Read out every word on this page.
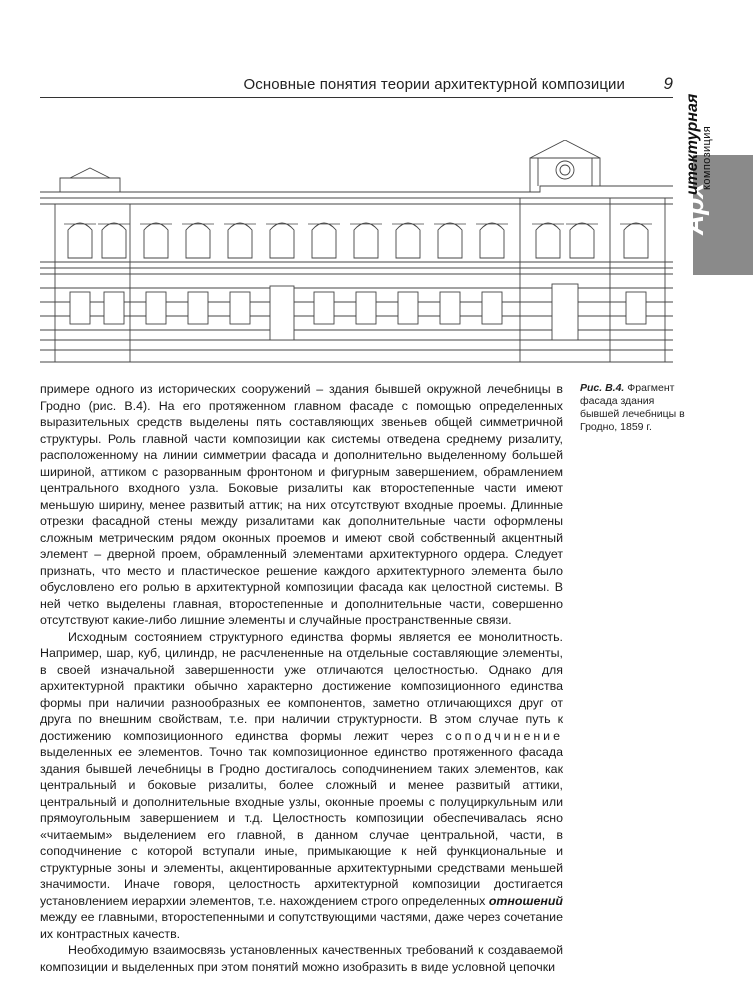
Основные понятия теории архитектурной композиции 9
Арх
итектурная композиция
Рис. В.4. Фрагмент фасада здания бывшей лечебницы в Гродно, 1859 г.

примере одного из исторических сооружений – здания бывшей окружной лечебницы в Гродно (рис. В.4). На его протяженном главном фасаде с помощью определенных выразительных средств выделены пять составляющих звеньев общей симметричной структуры. Роль главной части композиции как системы отведена среднему ризалиту, расположенному на линии симметрии фасада и дополнительно выделенному большей шириной, аттиком с разорванным фронтоном и фигурным завершением, обрамлением центрального входного узла. Боковые ризалиты как второстепенные части имеют меньшую ширину, менее развитый аттик; на них отсутствуют входные проемы. Длинные отрезки фасадной стены между ризалитами как дополнительные части оформлены сложным метрическим рядом оконных проемов и имеют свой собственный акцентный элемент – дверной проем, обрамленный элементами архитектурного ордера. Следует признать, что место и пластическое решение каждого архитектурного элемента было обусловлено его ролью в архитектурной композиции фасада как целостной системы. В ней четко выделены главная, второстепенные и дополнительные части, совершенно отсутствуют какие-либо лишние элементы и случайные пространственные связи.

Исходным состоянием структурного единства формы является ее монолитность. Например, шар, куб, цилиндр, не расчлененные на отдельные составляющие элементы, в своей изначальной завершенности уже отличаются целостностью. Однако для архитектурной практики обычно характерно достижение композиционного единства формы при наличии разнообразных ее компонентов, заметно отличающихся друг от друга по внешним свойствам, т.е. при наличии структурности. В этом случае путь к достижению композиционного единства формы лежит через соподчинение выделенных ее элементов. Точно так композиционное единство протяженного фасада здания бывшей лечебницы в Гродно достигалось соподчинением таких элементов, как центральный и боковые ризалиты, более сложный и менее развитый аттики, центральный и дополнительные входные узлы, оконные проемы с полуциркульным или прямоугольным завершением и т.д. Целостность композиции обеспечивалась ясно «читаемым» выделением его главной, в данном случае центральной, части, в соподчинение с которой вступали иные, примыкающие к ней функциональные и структурные зоны и элементы, акцентированные архитектурными средствами меньшей значимости. Иначе говоря, целостность архитектурной композиции достигается установлением иерархии элементов, т.е. нахождением строго определенных отношений между ее главными, второстепенными и сопутствующими частями, даже через сочетание их контрастных качеств.

Необходимую взаимосвязь установленных качественных требований к создаваемой композиции и выделенных при этом понятий можно изобразить в виде условной цепочки
